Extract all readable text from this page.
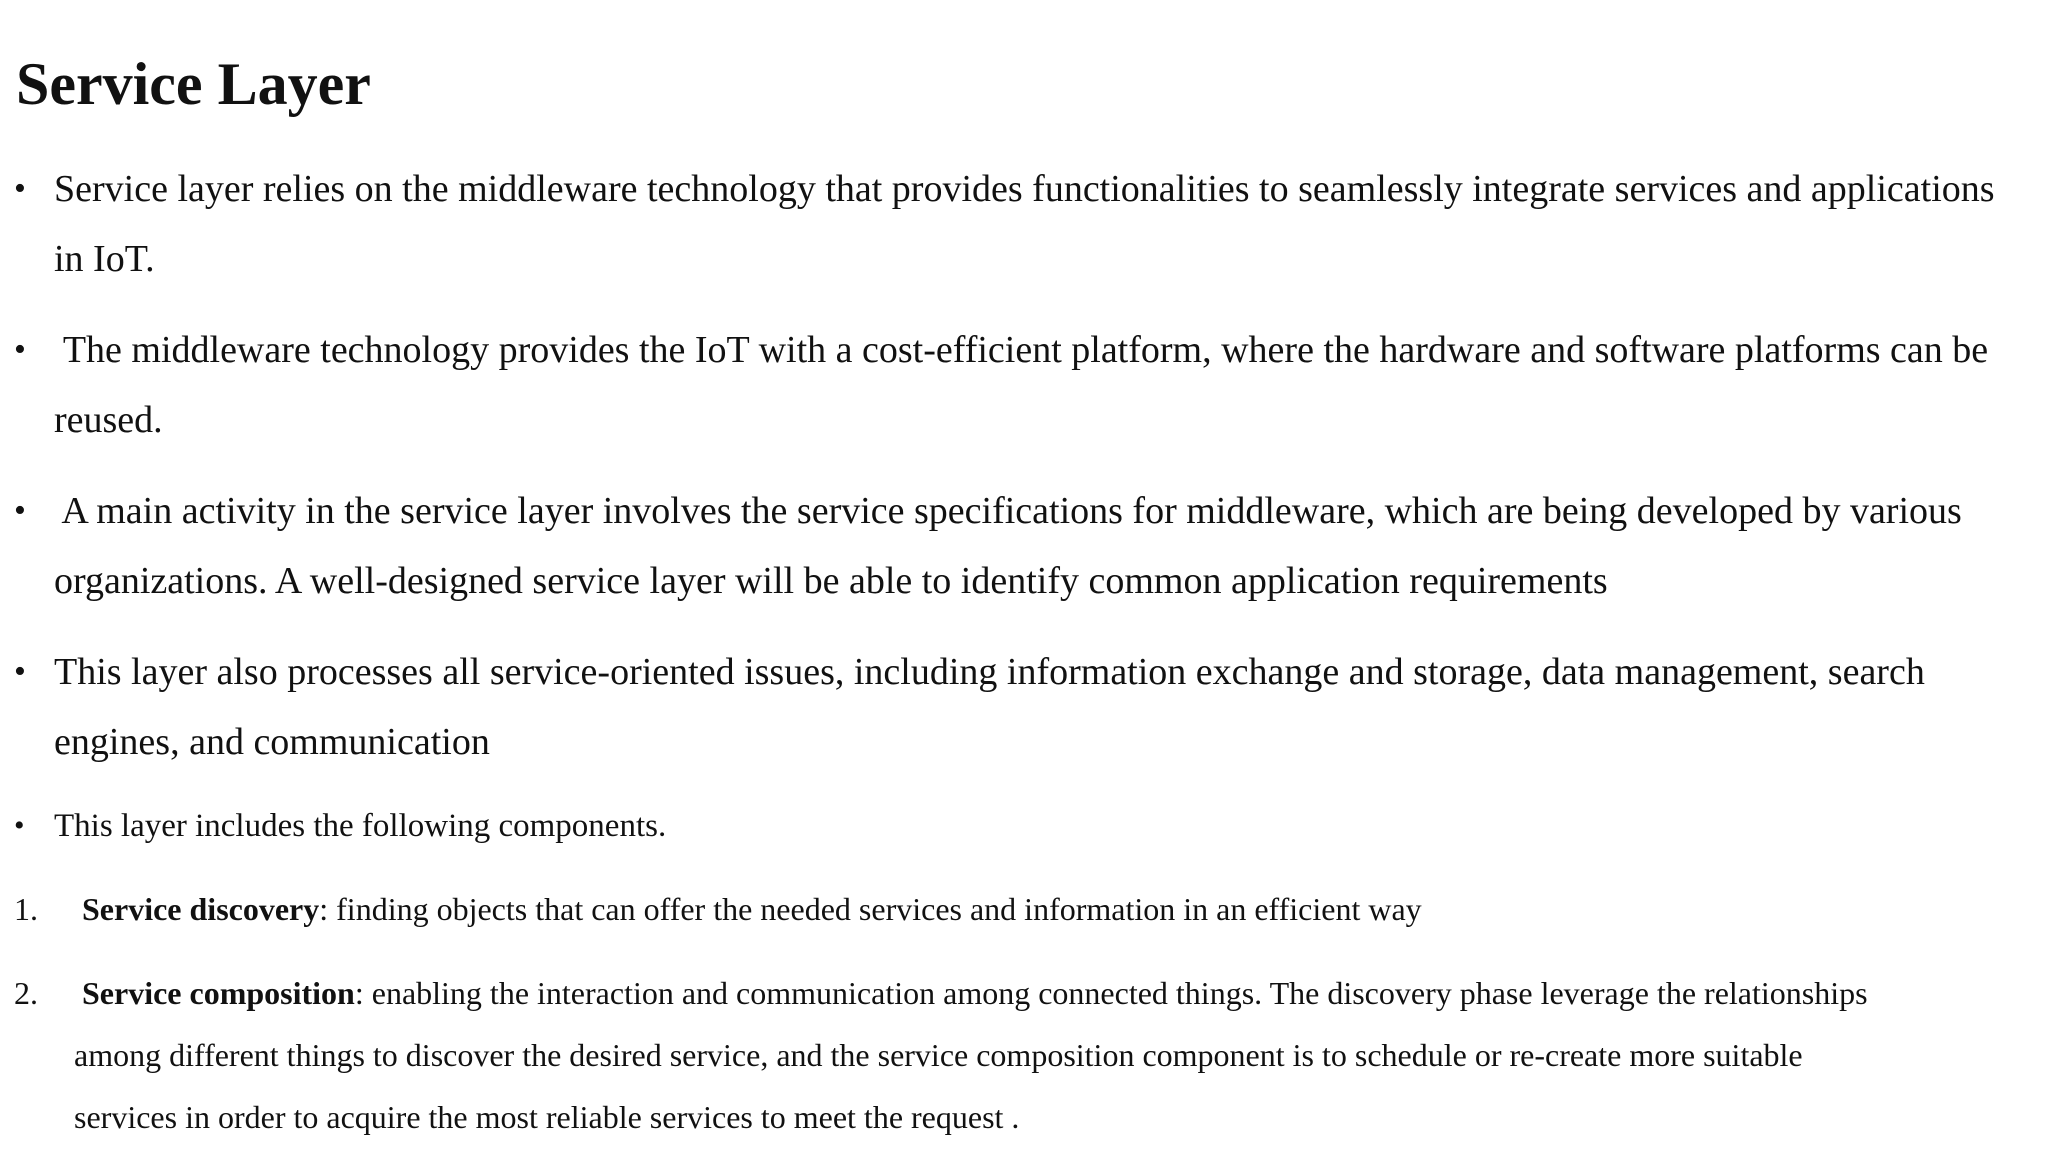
Service Layer
• Service layer relies on the middleware technology that provides functionalities to seamlessly integrate services and applications
in IoT.
• The middleware technology provides the IoT with a cost-efficient platform, where the hardware and software platforms can be
reused.
• A main activity in the service layer involves the service specifications for middleware, which are being developed by various
organizations. A well-designed service layer will be able to identify common application requirements
• This layer also processes all service-oriented issues, including information exchange and storage, data management, search
engines, and communication
• This layer includes the following components.
1. Service discovery: finding objects that can offer the needed services and information in an efficient way
2. Service composition: enabling the interaction and communication among connected things. The discovery phase leverage the relationships
among different things to discover the desired service, and the service composition component is to schedule or re-create more suitable
services in order to acquire the most reliable services to meet the request .
